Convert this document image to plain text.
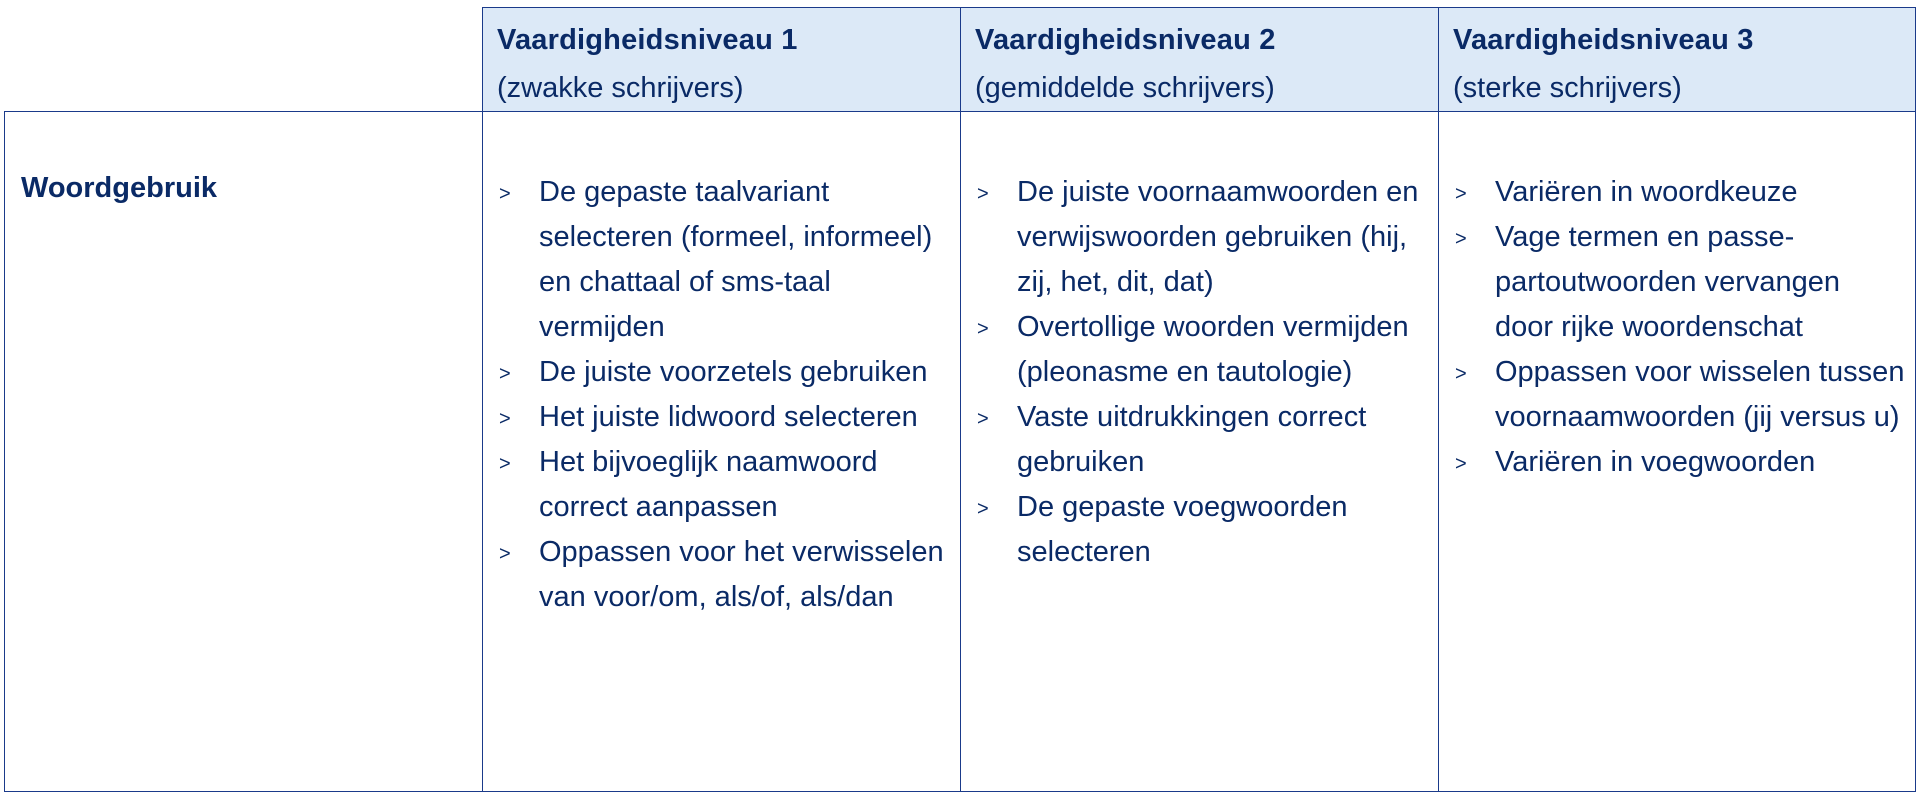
Vaardigheidsniveau 1
(zwakke schrijvers)
Vaardigheidsniveau 2
(gemiddelde schrijvers)
Vaardigheidsniveau 3
(sterke schrijvers)
Woordgebruik	> De gepaste taalvariant selecteren (formeel, informeel) en chattaal of sms-taal vermijden
> De juiste voorzetels gebruiken
> Het juiste lidwoord selecteren
> Het bijvoeglijk naamwoord correct aanpassen
> Oppassen voor het verwisselen van voor/om, als/of, als/dan
> De juiste voornaamwoorden en verwijswoorden gebruiken (hij, zij, het, dit, dat)
> Overtollige woorden vermijden (pleonasme en tautologie)
> Vaste uitdrukkingen correct gebruiken
> De gepaste voegwoorden selecteren
> Variëren in woordkeuze
> Vage termen en passe-partoutwoorden vervangen door rijke woordenschat
> Oppassen voor wisselen tussen voornaamwoorden (jij versus u)
> Variëren in voegwoorden
